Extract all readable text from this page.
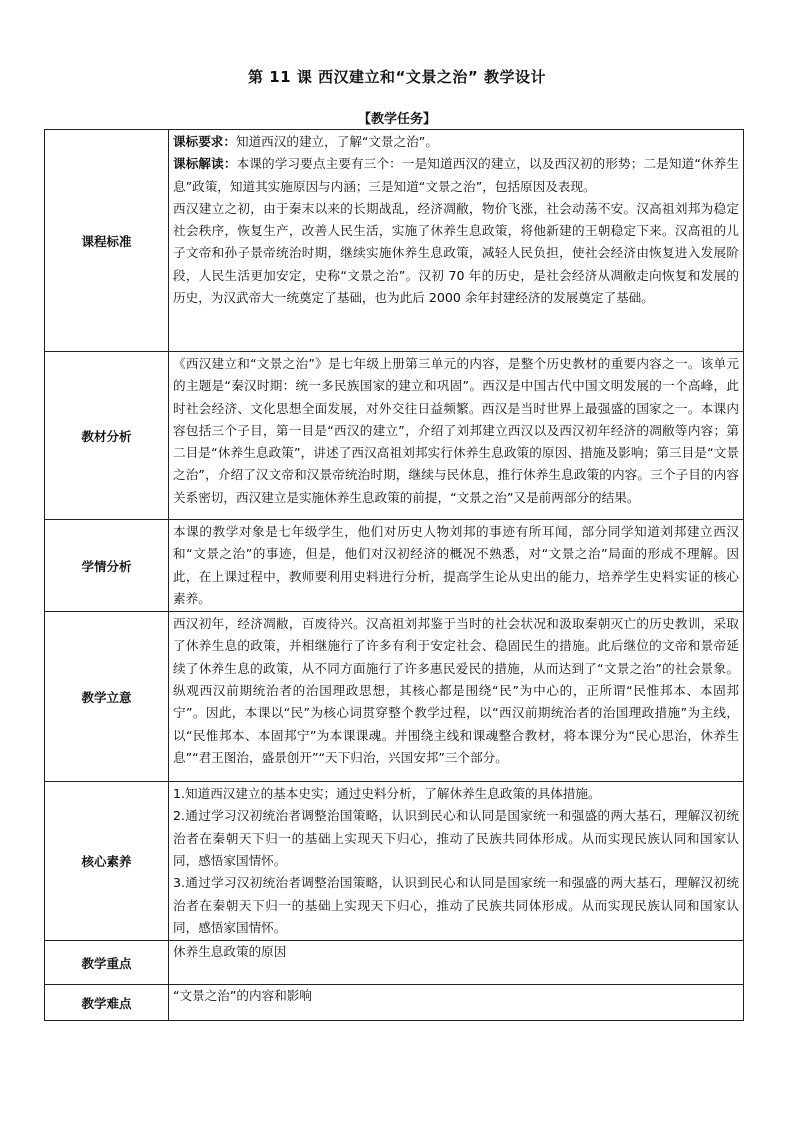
第 11 课 西汉建立和“文景之治” 教学设计
【教学任务】
课程标准	课标要求：知道西汉的建立，了解“文景之治”。

课标解读：本课的学习要点主要有三个：一是知道西汉的建立，以及西汉初的形势；二是知道“休养生息”政策，知道其实施原因与内涵；三是知道“文景之治”，包括原因及表现。

西汉建立之初，由于秦末以来的长期战乱，经济凋敝，物价飞涨，社会动荡不安。汉高祖刘邦为稳定社会秩序，恢复生产，改善人民生活，实施了休养生息政策，将他新建的王朝稳定下来。汉高祖的儿子文帝和孙子景帝统治时期，继续实施休养生息政策，减轻人民负担，使社会经济由恢复进入发展阶段，人民生活更加安定，史称“文景之治”。汉初 70 年的历史，是社会经济从凋敝走向恢复和发展的历史，为汉武帝大一统奠定了基础，也为此后 2000 余年封建经济的发展奠定了基础。

教材分析	《西汉建立和“文景之治”》是七年级上册第三单元的内容，是整个历史教材的重要内容之一。该单元的主题是“秦汉时期：统一多民族国家的建立和巩固”。西汉是中国古代中国文明发展的一个高峰，此时社会经济、文化思想全面发展，对外交往日益频繁。西汉是当时世界上最强盛的国家之一。本课内容包括三个子目，第一目是“西汉的建立”，介绍了刘邦建立西汉以及西汉初年经济的凋敝等内容；第二目是“休养生息政策”，讲述了西汉高祖刘邦实行休养生息政策的原因、措施及影响；第三目是“文景之治”，介绍了汉文帝和汉景帝统治时期，继续与民休息，推行休养生息政策的内容。三个子目的内容关系密切，西汉建立是实施休养生息政策的前提，“文景之治”又是前两部分的结果。
学情分析	本课的教学对象是七年级学生，他们对历史人物刘邦的事迹有所耳闻，部分同学知道刘邦建立西汉和“文景之治”的事迹，但是，他们对汉初经济的概况不熟悉，对“文景之治”局面的形成不理解。因此，在上课过程中，教师要利用史料进行分析，提高学生论从史出的能力，培养学生史料实证的核心素养。
教学立意	西汉初年，经济凋敝，百废待兴。汉高祖刘邦鉴于当时的社会状况和汲取秦朝灭亡的历史教训，采取了休养生息的政策，并相继施行了许多有利于安定社会、稳固民生的措施。此后继位的文帝和景帝延续了休养生息的政策，从不同方面施行了许多惠民爱民的措施，从而达到了“文景之治”的社会景象。纵观西汉前期统治者的治国理政思想，其核心都是围绕“民”为中心的，正所谓“民惟邦本、本固邦宁”。因此，本课以“民”为核心词贯穿整个教学过程，以“西汉前期统治者的治国理政措施”为主线，以“民惟邦本、本固邦宁”为本课课魂。并围绕主线和课魂整合教材，将本课分为“民心思治，休养生息”“君王图治，盛景创开”“天下归治，兴国安邦”三个部分。
核心素养	1.知道西汉建立的基本史实；通过史料分析，了解休养生息政策的具体措施。

2.通过学习汉初统治者调整治国策略，认识到民心和认同是国家统一和强盛的两大基石，理解汉初统治者在秦朝天下归一的基础上实现天下归心，推动了民族共同体形成。从而实现民族认同和国家认同，感悟家国情怀。

3.通过学习汉初统治者调整治国策略，认识到民心和认同是国家统一和强盛的两大基石，理解汉初统治者在秦朝天下归一的基础上实现天下归心，推动了民族共同体形成。从而实现民族认同和国家认同，感悟家国情怀。

教学重点	休养生息政策的原因
教学难点	“文景之治”的内容和影响
